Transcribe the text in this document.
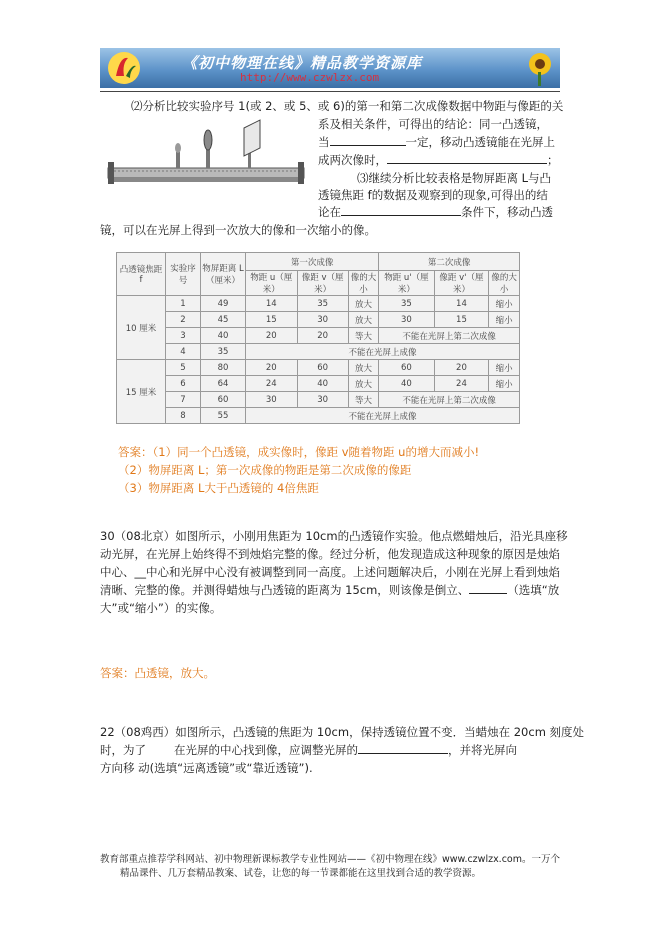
《初中物理在线》精品教学资源库
http://www.czwlzx.com
⑵分析比较实验序号 1(或 2、或 5、或 6)的第一和第二次成像数据中物距与像距的关
系及相关条件，可得出的结论：同一凸透镜，
当	一定，移动凸透镜能在光屏上
成两次像时，	；
⑶继续分析比较表格是物屏距离 L与凸
透镜焦距 f的数据及观察到的现象,可得出的结
论在	条件下，移动凸透
镜，可以在光屏上得到一次放大的像和一次缩小的像。
凸透镜焦距 f	实验序号	物屏距离 L（厘米）	第一次成像			第二次成像		

			物距 u（厘米）	像距 v（厘米）	像的大小	物距 u'（厘米）	像距 v'（厘米）	像的大小
10 厘米	1	49	14	35	放大	35	14	缩小
	2	45	15	30	放大	30	15	缩小
	3	40	20	20	等大	不能在光屏上第二次成像		
	4	35	不能在光屏上成像					
15 厘米	5	80	20	60	放大	60	20	缩小
	6	64	24	40	放大	40	24	缩小
	7	60	30	30	等大	不能在光屏上第二次成像		
	8	55	不能在光屏上成像					
答案：（1）同一个凸透镜，成实像时，像距 v随着物距 u的增大而减小!
（2）物屏距离 L；第一次成像的物距是第二次成像的像距
（3）物屏距离 L大于凸透镜的 4倍焦距
30（08北京）如图所示，小刚用焦距为 10cm的凸透镜作实验。他点燃蜡烛后，沿光具座移
动光屏，在光屏上始终得不到烛焰完整的像。经过分析，他发现造成这种现象的原因是烛焰
中心、__中心和光屏中心没有被调整到同一高度。上述问题解决后，小刚在光屏上看到烛焰
清晰、完整的像。并测得蜡烛与凸透镜的距离为 15cm，则该像是倒立、	（选填“放
大”或“缩小”）的实像。
答案：凸透镜，放大。
22（08鸡西）如图所示，凸透镜的焦距为 10cm，保持透镜位置不变．当蜡烛在 20cm 刻度处
时，为了 在光屏的中心找到像，应调整光屏的	，并将光屏向
方向移 动(选填“远离透镜”或“靠近透镜”).
教育部重点推荐学科网站、初中物理新课标教学专业性网站——《初中物理在线》www.czwlzx.com。一万个
精品课件、几万套精品教案、试卷，让您的每一节课都能在这里找到合适的教学资源。
